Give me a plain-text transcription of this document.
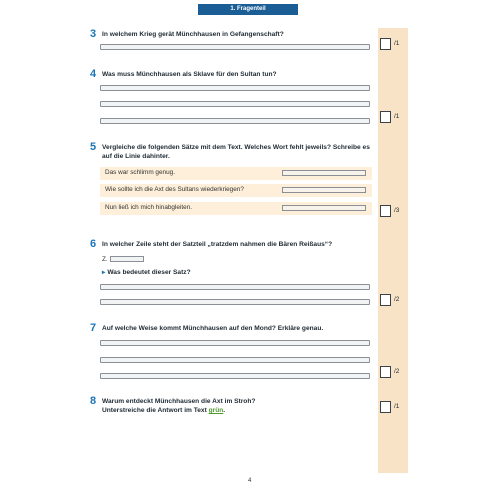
1. Fragenteil
3 In welchem Krieg gerät Münchhausen in Gefangenschaft?
/1
4 Was muss Münchhausen als Sklave für den Sultan tun?
/1
5 Vergleiche die folgenden Sätze mit dem Text. Welches Wort fehlt jeweils? Schreibe es auf die Linie dahinter.
Das war schlimm genug.
Wie sollte ich die Axt des Sultans wiederkriegen?
Nun ließ ich mich hinabgleiten.	/3
6 In welcher Zeile steht der Satzteil „tratzdem nahmen die Bären Reißaus“?
Z.
▸ Was bedeutet dieser Satz?
/2
7 Auf welche Weise kommt Münchhausen auf den Mond? Erkläre genau.
/2
8 Warum entdeckt Münchhausen die Axt im Stroh?
Unterstreiche die Antwort im Text grün.
/1
4
